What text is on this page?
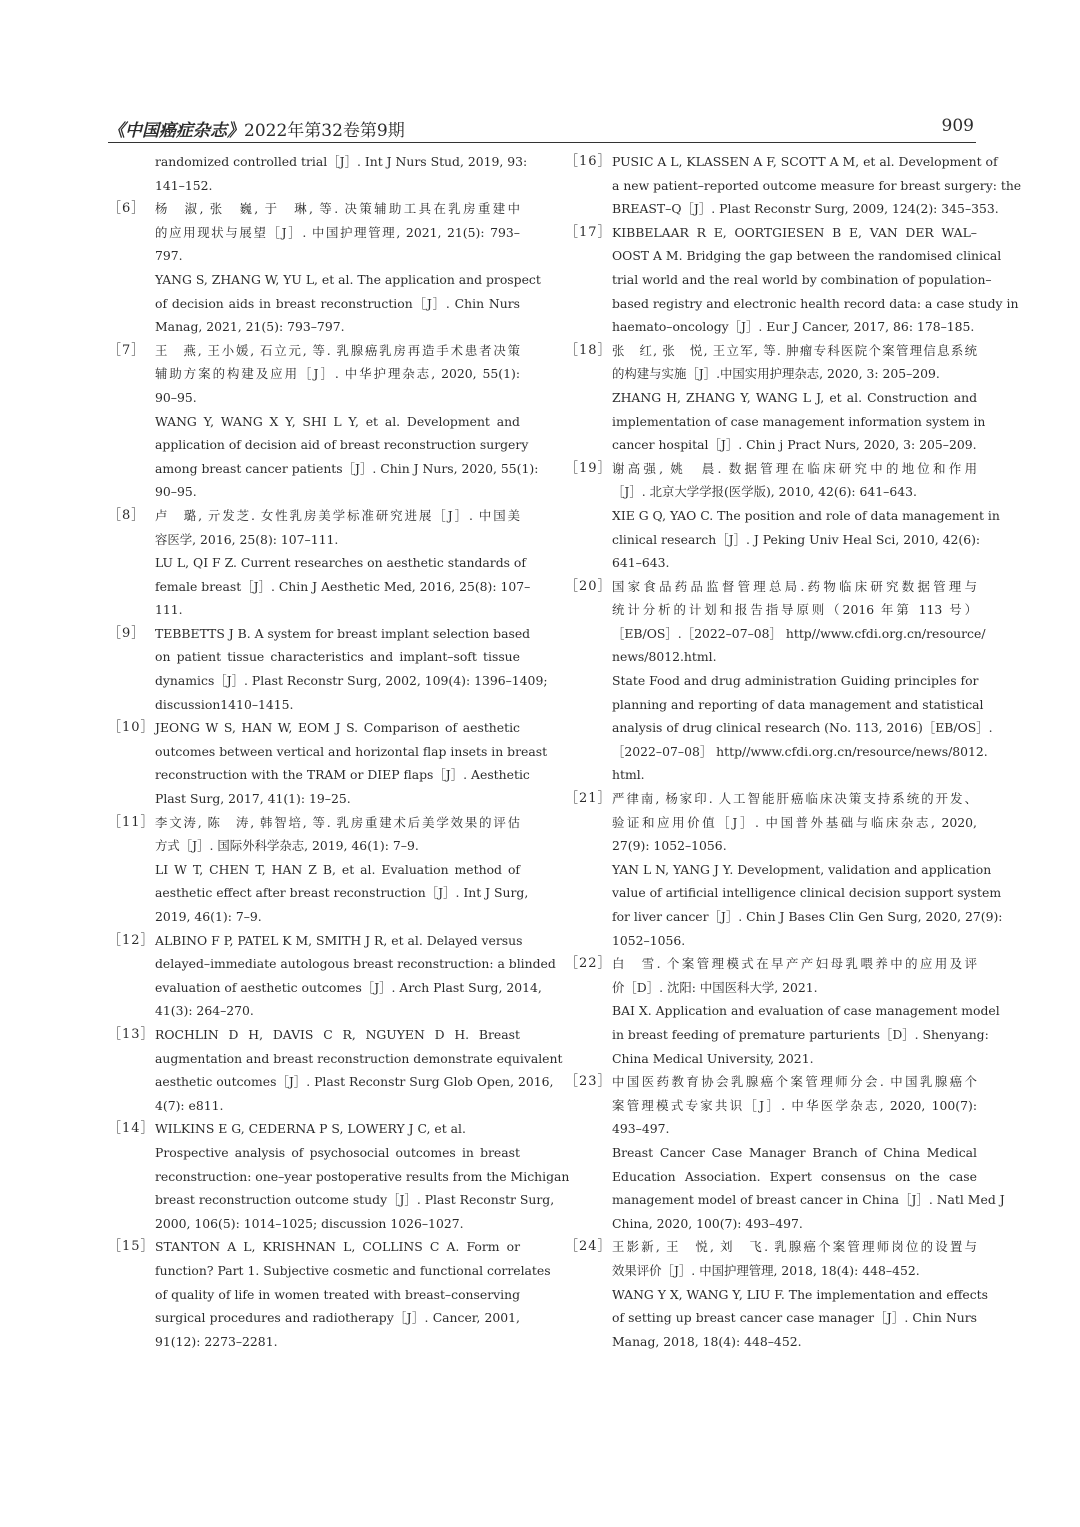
《中国癌症杂志》2022年第32卷第9期	909
randomized controlled trial［J］. Int J Nurs Stud, 2019, 93:
141–152.
［6］ 杨　淑, 张　巍, 于　琳, 等. 决策辅助工具在乳房重建中
的应用现状与展望［J］. 中国护理管理, 2021, 21(5): 793–
797.
YANG S, ZHANG W, YU L, et al. The application and prospect
of decision aids in breast reconstruction［J］. Chin Nurs
Manag, 2021, 21(5): 793–797.
［7］ 王　燕, 王小媛, 石立元, 等. 乳腺癌乳房再造手术患者决策
辅助方案的构建及应用［J］. 中华护理杂志, 2020, 55(1):
90–95.
WANG Y, WANG X Y, SHI L Y, et al. Development and
application of decision aid of breast reconstruction surgery
among breast cancer patients［J］. Chin J Nurs, 2020, 55(1):
90–95.
［8］ 卢　璐, 亓发芝. 女性乳房美学标准研究进展［J］. 中国美
容医学, 2016, 25(8): 107–111.
LU L, QI F Z. Current researches on aesthetic standards of
female breast［J］. Chin J Aesthetic Med, 2016, 25(8): 107–
111.
［9］ TEBBETTS J B. A system for breast implant selection based
on patient tissue characteristics and implant–soft tissue
dynamics［J］. Plast Reconstr Surg, 2002, 109(4): 1396–1409;
discussion1410–1415.
［10］ JEONG W S, HAN W, EOM J S. Comparison of aesthetic
outcomes between vertical and horizontal flap insets in breast
reconstruction with the TRAM or DIEP flaps［J］. Aesthetic
Plast Surg, 2017, 41(1): 19–25.
［11］ 李文涛, 陈　涛, 韩智培, 等. 乳房重建术后美学效果的评估
方式［J］. 国际外科学杂志, 2019, 46(1): 7–9.
LI W T, CHEN T, HAN Z B, et al. Evaluation method of
aesthetic effect after breast reconstruction［J］. Int J Surg,
2019, 46(1): 7–9.
［12］ ALBINO F P, PATEL K M, SMITH J R, et al. Delayed versus
delayed–immediate autologous breast reconstruction: a blinded
evaluation of aesthetic outcomes［J］. Arch Plast Surg, 2014,
41(3): 264–270.
［13］ ROCHLIN D H, DAVIS C R, NGUYEN D H. Breast
augmentation and breast reconstruction demonstrate equivalent
aesthetic outcomes［J］. Plast Reconstr Surg Glob Open, 2016,
4(7): e811.
［14］ WILKINS E G, CEDERNA P S, LOWERY J C, et al.
Prospective analysis of psychosocial outcomes in breast
reconstruction: one–year postoperative results from the Michigan
breast reconstruction outcome study［J］. Plast Reconstr Surg,
2000, 106(5): 1014–1025; discussion 1026–1027.
［15］ STANTON A L, KRISHNAN L, COLLINS C A. Form or
function? Part 1. Subjective cosmetic and functional correlates
of quality of life in women treated with breast–conserving
surgical procedures and radiotherapy［J］. Cancer, 2001,
91(12): 2273–2281.
［16］ PUSIC A L, KLASSEN A F, SCOTT A M, et al. Development of
a new patient–reported outcome measure for breast surgery: the
BREAST–Q［J］. Plast Reconstr Surg, 2009, 124(2): 345–353.
［17］ KIBBELAAR R E, OORTGIESEN B E, VAN DER WAL–
OOST A M. Bridging the gap between the randomised clinical
trial world and the real world by combination of population–
based registry and electronic health record data: a case study in
haemato–oncology［J］. Eur J Cancer, 2017, 86: 178–185.
［18］ 张　红, 张　悦, 王立军, 等. 肿瘤专科医院个案管理信息系统
的构建与实施［J］.中国实用护理杂志, 2020, 3: 205–209.
ZHANG H, ZHANG Y, WANG L J, et al. Construction and
implementation of case management information system in
cancer hospital［J］. Chin j Pract Nurs, 2020, 3: 205–209.
［19］ 谢高强, 姚　晨. 数据管理在临床研究中的地位和作用
［J］. 北京大学学报(医学版), 2010, 42(6): 641–643.
XIE G Q, YAO C. The position and role of data management in
clinical research［J］. J Peking Univ Heal Sci, 2010, 42(6):
641–643.
［20］ 国家食品药品监督管理总局.药物临床研究数据管理与
统计分析的计划和报告指导原则（2016 年第 113 号）
［EB/OS］.［2022–07–08］ http//www.cfdi.org.cn/resource/
news/8012.html.
State Food and drug administration Guiding principles for
planning and reporting of data management and statistical
analysis of drug clinical research (No. 113, 2016)［EB/OS］.
［2022–07–08］ http//www.cfdi.org.cn/resource/news/8012.
html.
［21］ 严律南, 杨家印. 人工智能肝癌临床决策支持系统的开发、
验证和应用价值［J］. 中国普外基础与临床杂志, 2020,
27(9): 1052–1056.
YAN L N, YANG J Y. Development, validation and application
value of artificial intelligence clinical decision support system
for liver cancer［J］. Chin J Bases Clin Gen Surg, 2020, 27(9):
1052–1056.
［22］ 白　雪. 个案管理模式在早产产妇母乳喂养中的应用及评
价［D］. 沈阳: 中国医科大学, 2021.
BAI X. Application and evaluation of case management model
in breast feeding of premature parturients［D］. Shenyang:
China Medical University, 2021.
［23］ 中国医药教育协会乳腺癌个案管理师分会. 中国乳腺癌个
案管理模式专家共识［J］. 中华医学杂志, 2020, 100(7):
493–497.
Breast Cancer Case Manager Branch of China Medical
Education Association. Expert consensus on the case
management model of breast cancer in China［J］. Natl Med J
China, 2020, 100(7): 493–497.
［24］ 王影新, 王　悦, 刘　飞. 乳腺癌个案管理师岗位的设置与
效果评价［J］. 中国护理管理, 2018, 18(4): 448–452.
WANG Y X, WANG Y, LIU F. The implementation and effects
of setting up breast cancer case manager［J］. Chin Nurs
Manag, 2018, 18(4): 448–452.
